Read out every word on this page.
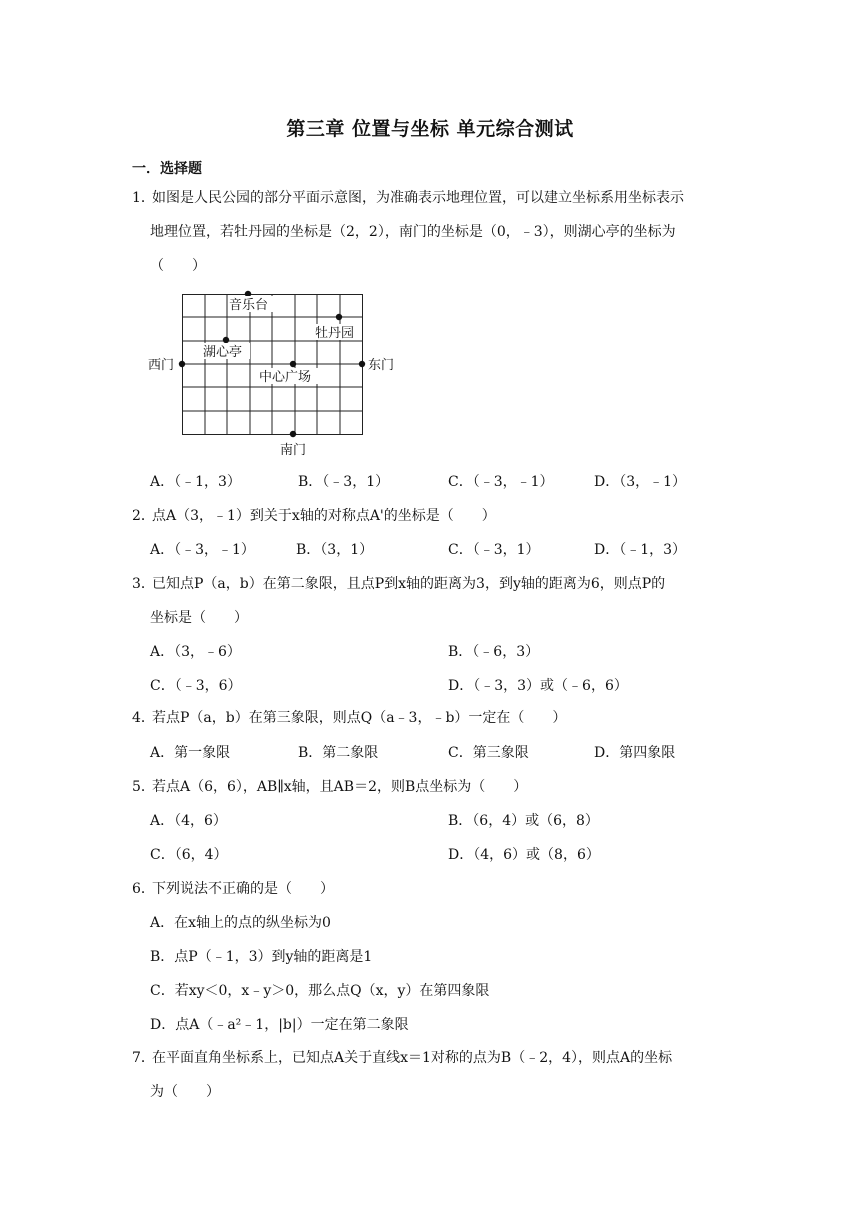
第三章 位置与坐标 单元综合测试
一．选择题
1．
如图是人民公园的部分平面示意图，为准确表示地理位置，可以建立坐标系用坐标表示
地理位置，若牡丹园的坐标是（2，2），南门的坐标是（0，﹣3），则湖心亭的坐标为
（　　）
音乐台
牡丹园
湖心亭
西门	东门
中心广场
南门
A．（﹣1，3）	B．（﹣3，1）	C．（﹣3，﹣1）	D．（3，﹣1）
2．
点A（3，﹣1）到关于x轴的对称点A'的坐标是（　　）
A．（﹣3，﹣1）	B．（3，1）	C．（﹣3，1）	D．（﹣1，3）
3．
已知点P（a，b）在第二象限，且点P到x轴的距离为3，到y轴的距离为6，则点P的
坐标是（　　）
A．（3，﹣6）	B．（﹣6，3）
C．（﹣3，6）	D．（﹣3，3）或（﹣6，6）
4．
若点P（a，b）在第三象限，则点Q（a﹣3，﹣b）一定在（　　）
A．第一象限	B．第二象限	C．第三象限	D．第四象限
5．
若点A（6，6），AB∥x轴，且AB＝2，则B点坐标为（　　）
A．（4，6）	B．（6，4）或（6，8）
C．（6，4）	D．（4，6）或（8，6）
6．
下列说法不正确的是（　　）
A．在x轴上的点的纵坐标为0
B．点P（﹣1，3）到y轴的距离是1
C．若xy＜0，x﹣y＞0，那么点Q（x，y）在第四象限
D．点A（﹣a²﹣1，|b|）一定在第二象限
7．
在平面直角坐标系上，已知点A关于直线x＝1对称的点为B（﹣2，4），则点A的坐标
为（　　）
